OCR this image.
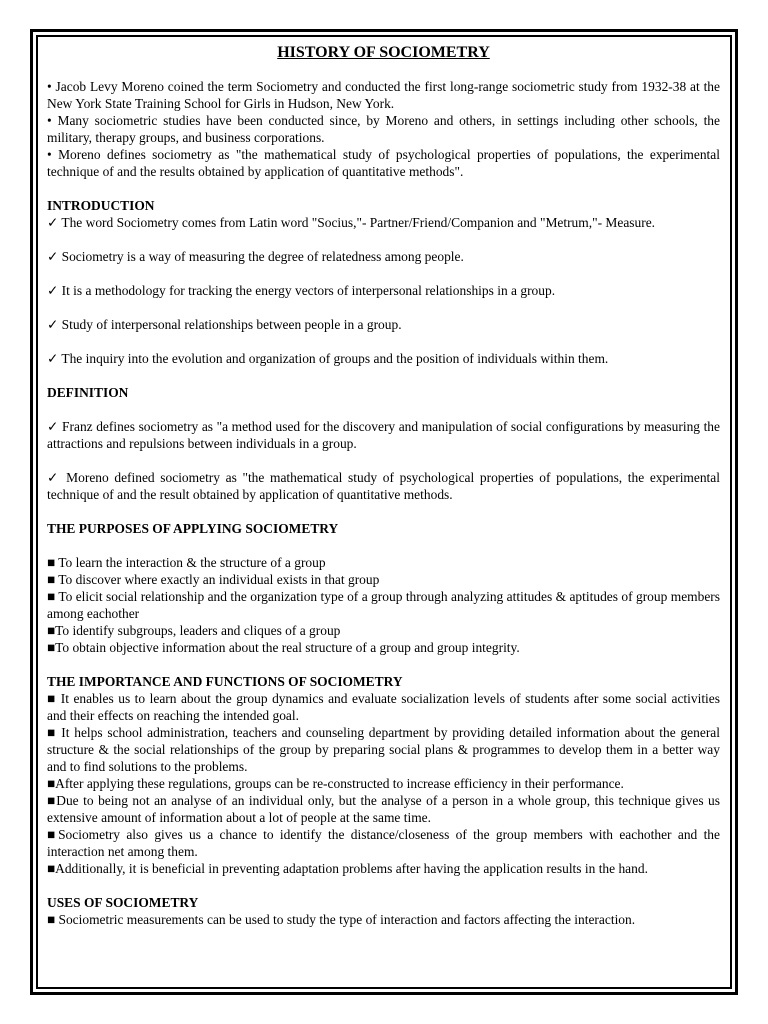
HISTORY OF SOCIOMETRY

• Jacob Levy Moreno coined the term Sociometry and conducted the first long-range sociometric study from 1932-38 at the New York State Training School for Girls in Hudson, New York.

• Many sociometric studies have been conducted since, by Moreno and others, in settings including other schools, the military, therapy groups, and business corporations.

• Moreno defines sociometry as "the mathematical study of psychological properties of populations, the experimental technique of and the results obtained by application of quantitative methods".

INTRODUCTION

✓ The word Sociometry comes from Latin word "Socius,"- Partner/Friend/Companion and "Metrum,"- Measure.

✓ Sociometry is a way of measuring the degree of relatedness among people.

✓ It is a methodology for tracking the energy vectors of interpersonal relationships in a group.

✓ Study of interpersonal relationships between people in a group.

✓ The inquiry into the evolution and organization of groups and the position of individuals within them.

DEFINITION

✓ Franz defines sociometry as "a method used for the discovery and manipulation of social configurations by measuring the attractions and repulsions between individuals in a group.

✓ Moreno defined sociometry as "the mathematical study of psychological properties of populations, the experimental technique of and the result obtained by application of quantitative methods.

THE PURPOSES OF APPLYING SOCIOMETRY

■ To learn the interaction & the structure of a group

■ To discover where exactly an individual exists in that group

■ To elicit social relationship and the organization type of a group through analyzing attitudes & aptitudes of group members among eachother

■To identify subgroups, leaders and cliques of a group

■To obtain objective information about the real structure of a group and group integrity.

THE IMPORTANCE AND FUNCTIONS OF SOCIOMETRY

■ It enables us to learn about the group dynamics and evaluate socialization levels of students after some social activities and their effects on reaching the intended goal.

■ It helps school administration, teachers and counseling department by providing detailed information about the general structure & the social relationships of the group by preparing social plans & programmes to develop them in a better way and to find solutions to the problems.

■After applying these regulations, groups can be re-constructed to increase efficiency in their performance.

■Due to being not an analyse of an individual only, but the analyse of a person in a whole group, this technique gives us extensive amount of information about a lot of people at the same time.

■Sociometry also gives us a chance to identify the distance/closeness of the group members with eachother and the interaction net among them.

■Additionally, it is beneficial in preventing adaptation problems after having the application results in the hand.

USES OF SOCIOMETRY

■ Sociometric measurements can be used to study the type of interaction and factors affecting the interaction.
